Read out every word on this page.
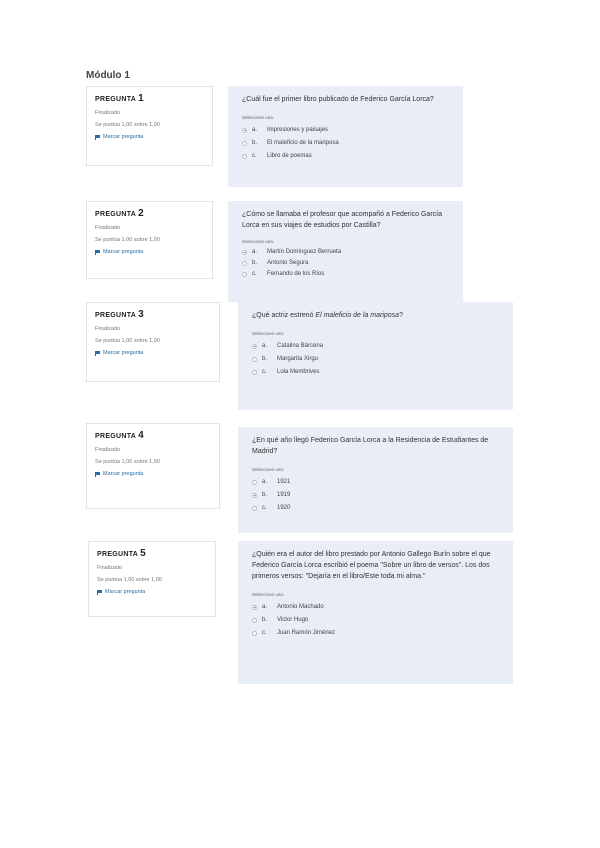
Módulo 1
PREGUNTA 1
Finalizado
Se puntúa 1,00 sobre 1,00
Marcar pregunta
¿Cuál fue el primer libro publicado de Federico García Lorca?
Seleccione una:
a.	Impresiones y paisajes
b.	El maleficio de la mariposa
c.	Libro de poemas
PREGUNTA 2
Finalizado
Se puntúa 1,00 sobre 1,00
Marcar pregunta
¿Cómo se llamaba el profesor que acompañó a Federico García Lorca en sus viajes de estudios por Castilla?
Seleccione una:
a.	Martín Domínguez Berrueta
b.	Antonio Segura
c.	Fernando de los Ríos
PREGUNTA 3
Finalizado
Se puntúa 1,00 sobre 1,00
Marcar pregunta
¿Qué actriz estrenó El maleficio de la mariposa?
Seleccione una:
a.	Catalina Bárcena
b.	Margarita Xirgu
c.	Lola Membrives
PREGUNTA 4
Finalizado
Se puntúa 1,00 sobre 1,00
Marcar pregunta
¿En qué año llegó Federico García Lorca a la Residencia de Estudiantes de Madrid?
Seleccione una:
a.	1921
b.	1919
c.	1920
PREGUNTA 5
Finalizado
Se puntúa 1,00 sobre 1,00
Marcar pregunta
¿Quién era el autor del libro prestado por Antonio Gallego Burín sobre el que Federico García Lorca escribió el poema "Sobre un libro de versos". Los dos primeros versos: "Dejaría en el libro/Este toda mi alma."
Seleccione una:
a.	Antonio Machado
b.	Victor Hugo
c.	Juan Ramón Jiménez
